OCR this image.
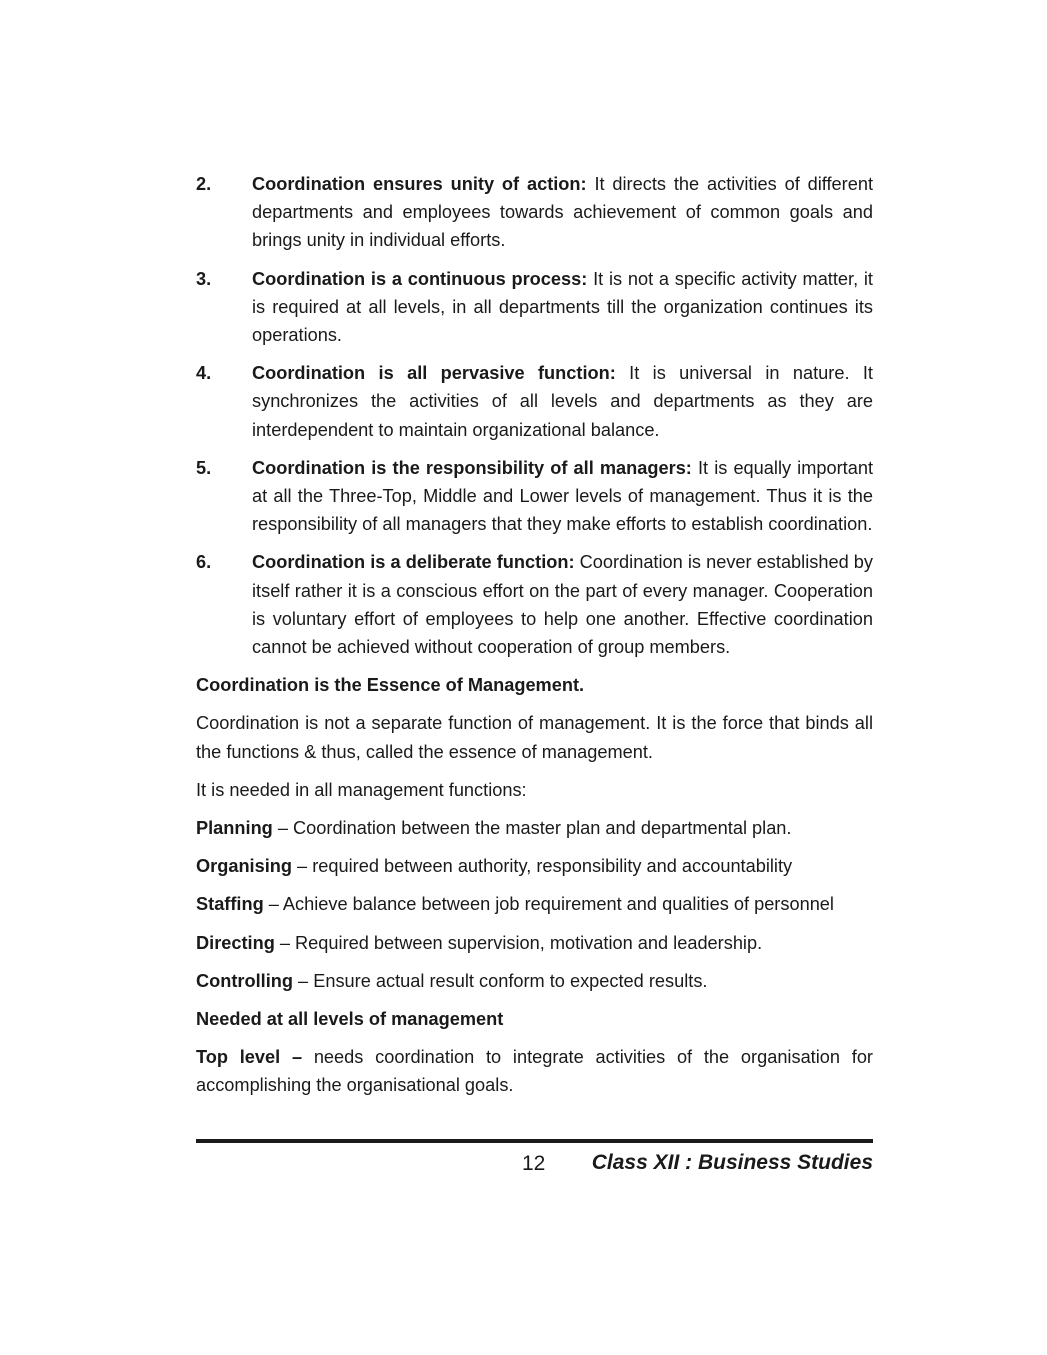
2. Coordination ensures unity of action: It directs the activities of different departments and employees towards achievement of common goals and brings unity in individual efforts.
3. Coordination is a continuous process: It is not a specific activity matter, it is required at all levels, in all departments till the organization continues its operations.
4. Coordination is all pervasive function: It is universal in nature. It synchronizes the activities of all levels and departments as they are interdependent to maintain organizational balance.
5. Coordination is the responsibility of all managers: It is equally important at all the Three-Top, Middle and Lower levels of management. Thus it is the responsibility of all managers that they make efforts to establish coordination.
6. Coordination is a deliberate function: Coordination is never established by itself rather it is a conscious effort on the part of every manager. Cooperation is voluntary effort of employees to help one another. Effective coordination cannot be achieved without cooperation of group members.
Coordination is the Essence of Management.
Coordination is not a separate function of management. It is the force that binds all the functions & thus, called the essence of management.
It is needed in all management functions:
Planning – Coordination between the master plan and departmental plan.
Organising – required between authority, responsibility and accountability
Staffing – Achieve balance between job requirement and qualities of personnel
Directing – Required between supervision, motivation and leadership.
Controlling – Ensure actual result conform to expected results.
Needed at all levels of management
Top level – needs coordination to integrate activities of the organisation for accomplishing the organisational goals.
12 Class XII : Business Studies
